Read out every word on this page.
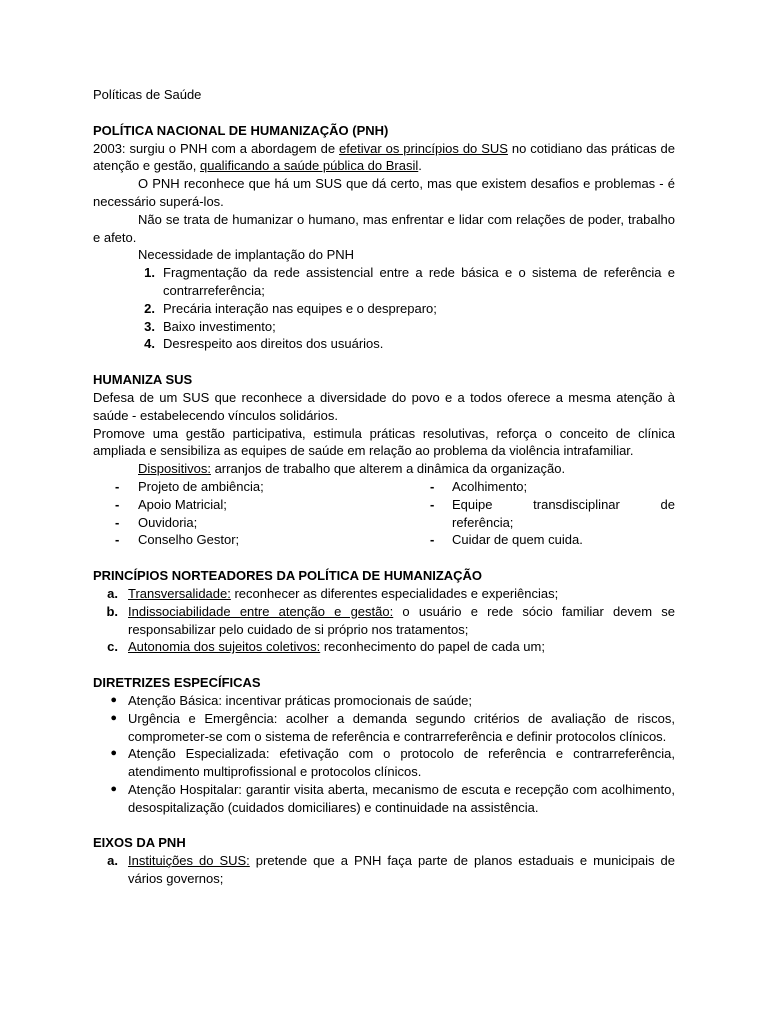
Políticas de Saúde

POLÍTICA NACIONAL DE HUMANIZAÇÃO (PNH)

2003: surgiu o PNH com a abordagem de efetivar os princípios do SUS no cotidiano das práticas de atenção e gestão, qualificando a saúde pública do Brasil.

O PNH reconhece que há um SUS que dá certo, mas que existem desafios e problemas - é necessário superá-los.

Não se trata de humanizar o humano, mas enfrentar e lidar com relações de poder, trabalho e afeto.

Necessidade de implantação do PNH

1. Fragmentação da rede assistencial entre a rede básica e o sistema de referência e contrarreferência;
2. Precária interação nas equipes e o despreparo;
3. Baixo investimento;
4. Desrespeito aos direitos dos usuários.

HUMANIZA SUS

Defesa de um SUS que reconhece a diversidade do povo e a todos oferece a mesma atenção à saúde - estabelecendo vínculos solidários.

Promove uma gestão participativa, estimula práticas resolutivas, reforça o conceito de clínica ampliada e sensibiliza as equipes de saúde em relação ao problema da violência intrafamiliar.

Dispositivos: arranjos de trabalho que alterem a dinâmica da organização.

-	Projeto de ambiência;
-	Apoio Matricial;
-	Ouvidoria;
-	Conselho Gestor;
-	Acolhimento;
-	Equipe transdisciplinar de
referência;
-	Cuidar de quem cuida.

PRINCÍPIOS NORTEADORES DA POLÍTICA DE HUMANIZAÇÃO

a. Transversalidade: reconhecer as diferentes especialidades e experiências;
b. Indissociabilidade entre atenção e gestão: o usuário e rede sócio familiar devem se responsabilizar pelo cuidado de si próprio nos tratamentos;
c. Autonomia dos sujeitos coletivos: reconhecimento do papel de cada um;

DIRETRIZES ESPECÍFICAS

● Atenção Básica: incentivar práticas promocionais de saúde;
● Urgência e Emergência: acolher a demanda segundo critérios de avaliação de riscos, comprometer-se com o sistema de referência e contrarreferência e definir protocolos clínicos.
● Atenção Especializada: efetivação com o protocolo de referência e contrarreferência, atendimento multiprofissional e protocolos clínicos.
● Atenção Hospitalar: garantir visita aberta, mecanismo de escuta e recepção com acolhimento, desospitalização (cuidados domiciliares) e continuidade na assistência.

EIXOS DA PNH

a. Instituições do SUS: pretende que a PNH faça parte de planos estaduais e municipais de vários governos;
